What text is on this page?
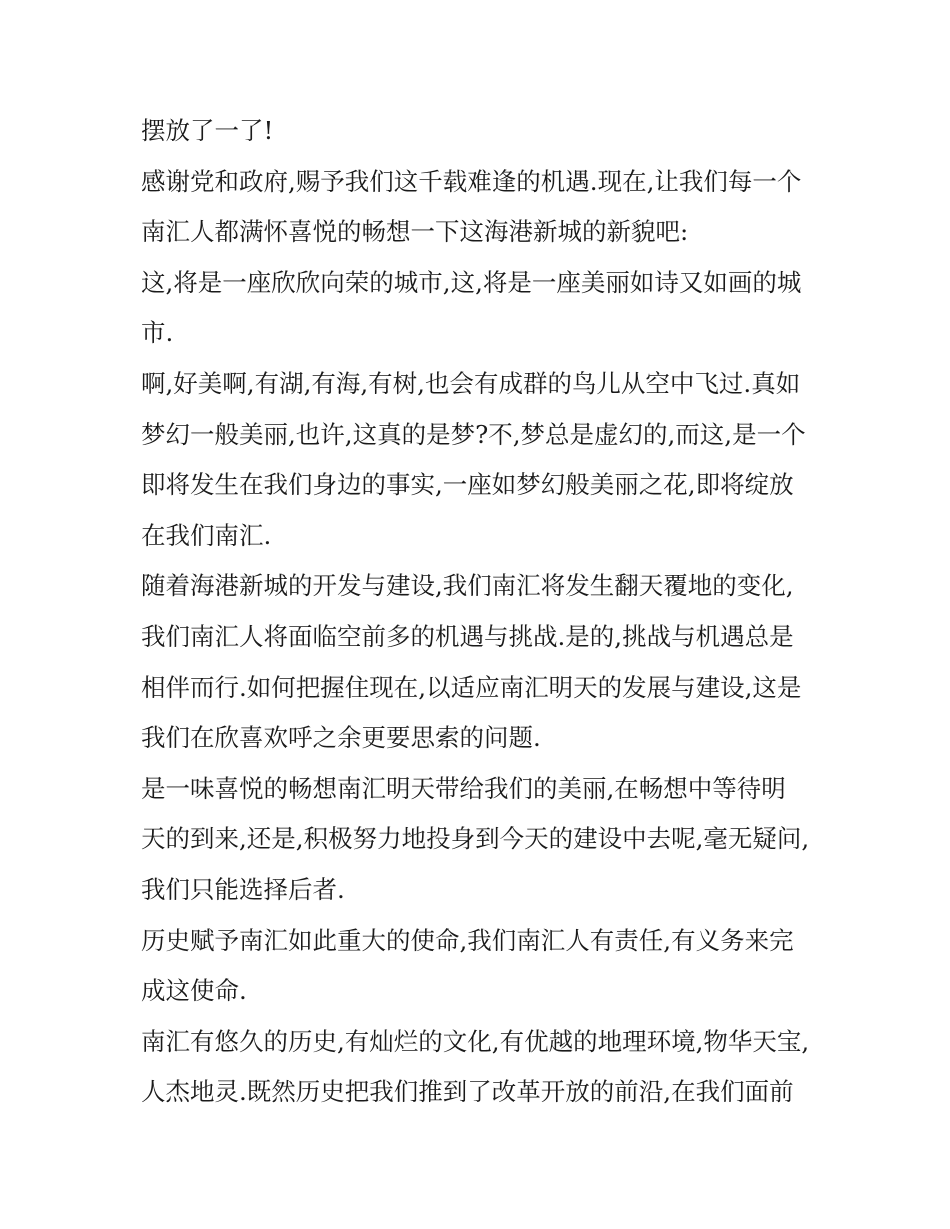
摆放了一了!
感谢党和政府,赐予我们这千载难逢的机遇.现在,让我们每一个
南汇人都满怀喜悦的畅想一下这海港新城的新貌吧:
这,将是一座欣欣向荣的城市,这,将是一座美丽如诗又如画的城
市.
啊,好美啊,有湖,有海,有树,也会有成群的鸟儿从空中飞过.真如
梦幻一般美丽,也许,这真的是梦?不,梦总是虚幻的,而这,是一个
即将发生在我们身边的事实,一座如梦幻般美丽之花,即将绽放
在我们南汇.
随着海港新城的开发与建设,我们南汇将发生翻天覆地的变化,
我们南汇人将面临空前多的机遇与挑战.是的,挑战与机遇总是
相伴而行.如何把握住现在,以适应南汇明天的发展与建设,这是
我们在欣喜欢呼之余更要思索的问题.
是一味喜悦的畅想南汇明天带给我们的美丽,在畅想中等待明
天的到来,还是,积极努力地投身到今天的建设中去呢,毫无疑问,
我们只能选择后者.
历史赋予南汇如此重大的使命,我们南汇人有责任,有义务来完
成这使命.
南汇有悠久的历史,有灿烂的文化,有优越的地理环境,物华天宝,
人杰地灵.既然历史把我们推到了改革开放的前沿,在我们面前
